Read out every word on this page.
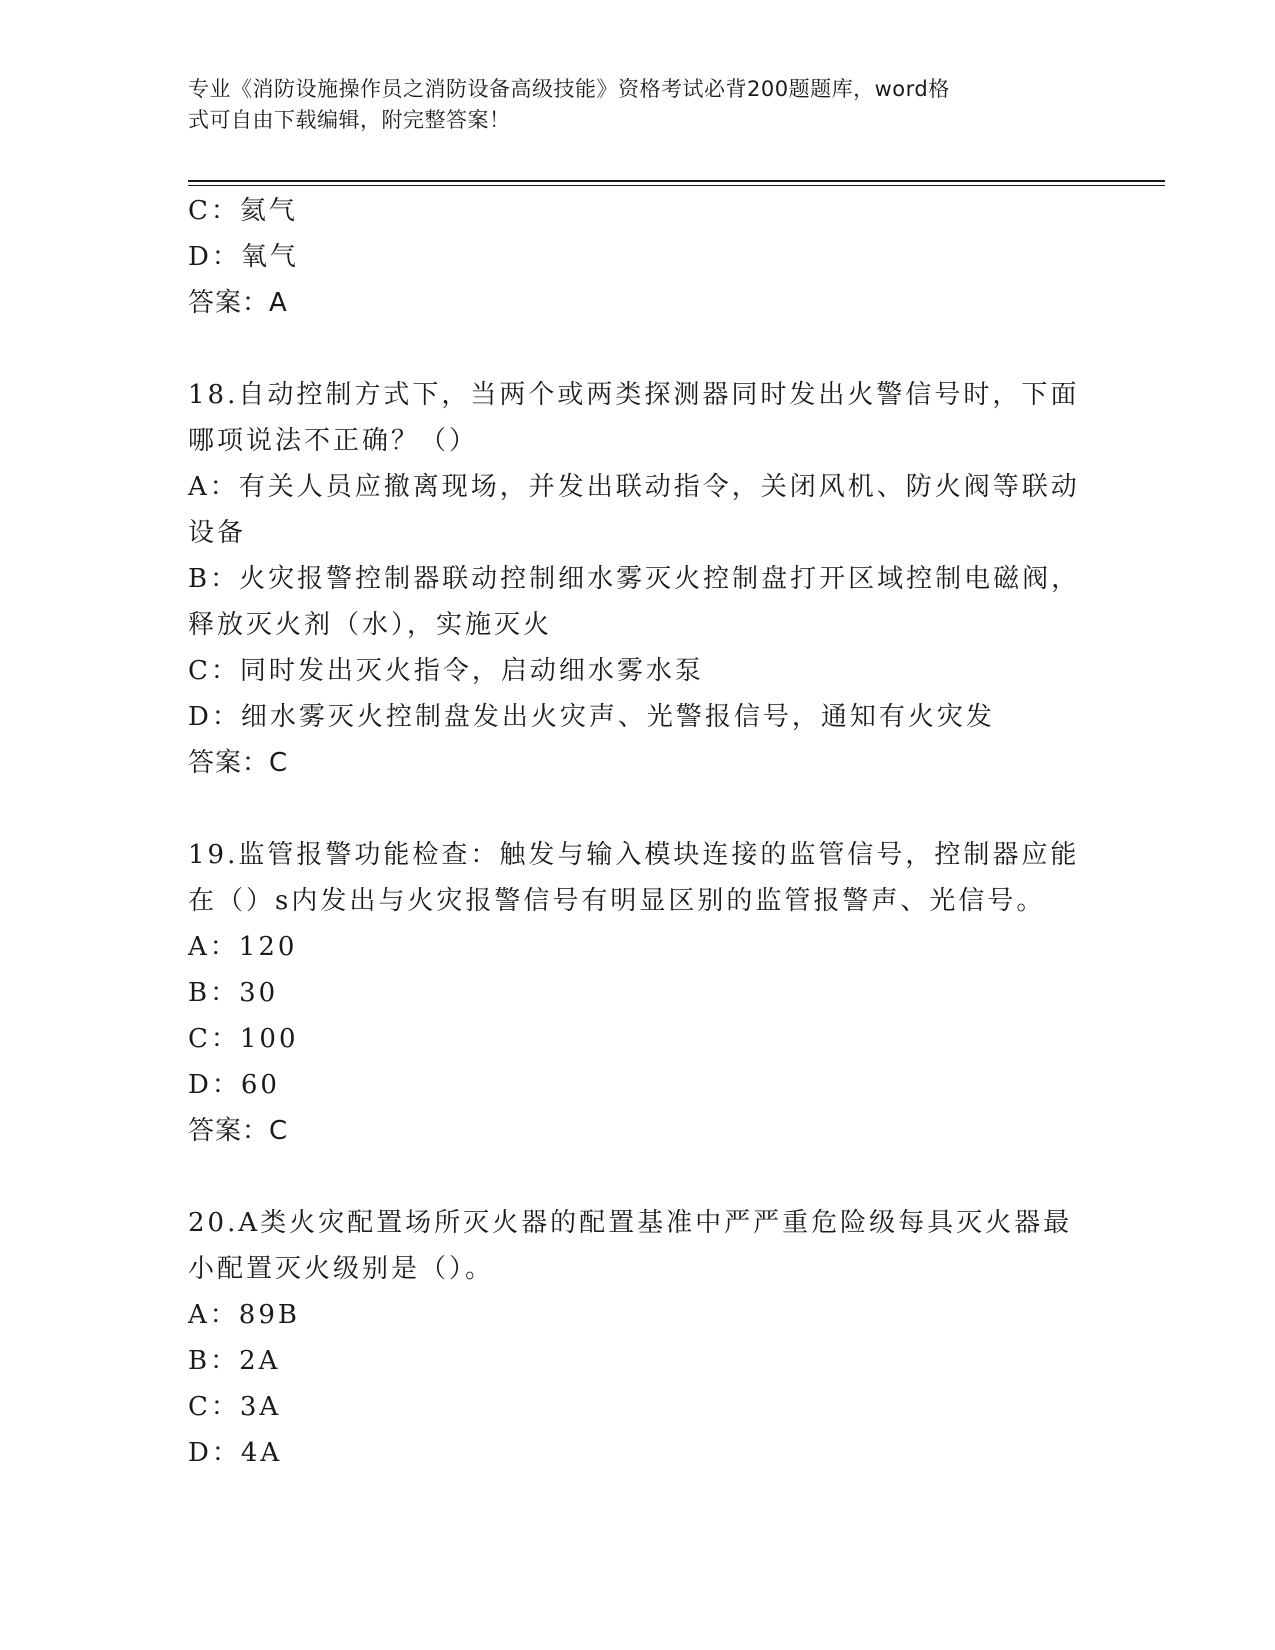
专业《消防设施操作员之消防设备高级技能》资格考试必背200题题库，word格
式可自由下载编辑，附完整答案！
C：氦气
D：氧气
答案：A
18.自动控制方式下，当两个或两类探测器同时发出火警信号时，下面
哪项说法不正确？（）
A：有关人员应撤离现场，并发出联动指令，关闭风机、防火阀等联动
设备
B：火灾报警控制器联动控制细水雾灭火控制盘打开区域控制电磁阀，
释放灭火剂（水），实施灭火
C：同时发出灭火指令，启动细水雾水泵
D：细水雾灭火控制盘发出火灾声、光警报信号，通知有火灾发
答案：C
19.监管报警功能检查：触发与输入模块连接的监管信号，控制器应能
在（）s内发出与火灾报警信号有明显区别的监管报警声、光信号。
A：120
B：30
C：100
D：60
答案：C
20.A类火灾配置场所灭火器的配置基准中严严重危险级每具灭火器最
小配置灭火级别是（）。
A：89B
B：2A
C：3A
D：4A
